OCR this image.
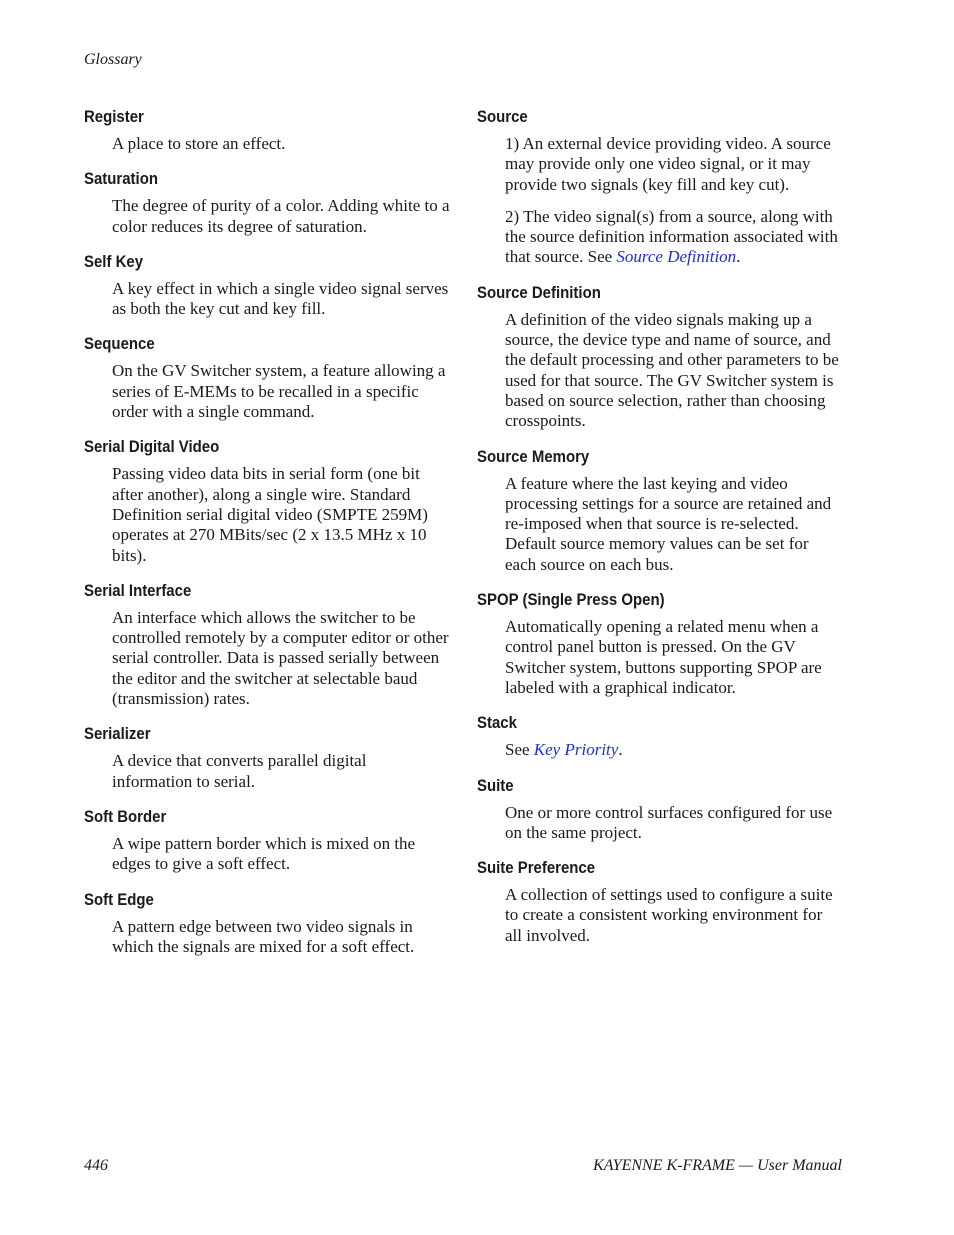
Glossary
Register

A place to store an effect.

Saturation

The degree of purity of a color. Adding white to a color reduces its degree of saturation.

Self Key

A key effect in which a single video signal serves as both the key cut and key fill.

Sequence

On the GV Switcher system, a feature allowing a series of E-MEMs to be recalled in a specific order with a single command.

Serial Digital Video

Passing video data bits in serial form (one bit after another), along a single wire. Standard Definition serial digital video (SMPTE 259M) operates at 270 MBits/sec (2 x 13.5 MHz x 10 bits).

Serial Interface

An interface which allows the switcher to be controlled remotely by a computer editor or other serial controller. Data is passed serially between the editor and the switcher at selectable baud (transmission) rates.

Serializer

A device that converts parallel digital information to serial.

Soft Border

A wipe pattern border which is mixed on the edges to give a soft effect.

Soft Edge

A pattern edge between two video signals in which the signals are mixed for a soft effect.

Source

1) An external device providing video. A source may provide only one video signal, or it may provide two signals (key fill and key cut).

2) The video signal(s) from a source, along with the source definition information associated with that source. See Source Definition.

Source Definition

A definition of the video signals making up a source, the device type and name of source, and the default processing and other parameters to be used for that source. The GV Switcher system is based on source selection, rather than choosing crosspoints.

Source Memory

A feature where the last keying and video processing settings for a source are retained and re-imposed when that source is re-selected. Default source memory values can be set for each source on each bus.

SPOP (Single Press Open)

Automatically opening a related menu when a control panel button is pressed. On the GV Switcher system, buttons supporting SPOP are labeled with a graphical indicator.

Stack

See Key Priority.

Suite

One or more control surfaces configured for use on the same project.

Suite Preference

A collection of settings used to configure a suite to create a consistent working environment for all involved.

446	KAYENNE K-FRAME — User Manual
